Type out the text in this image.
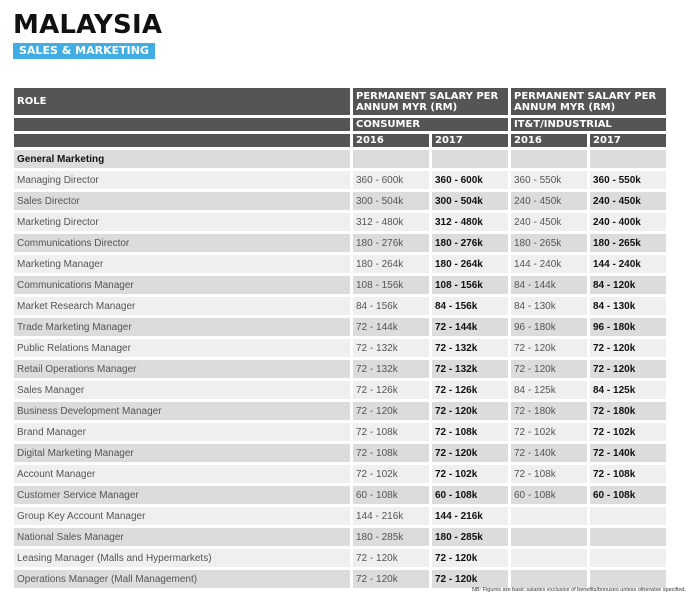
MALAYSIA
SALES & MARKETING
ROLE	PERMANENT SALARY PER ANNUM MYR (RM)		PERMANENT SALARY PER ANNUM MYR (RM)	
	CONSUMER		IT&T/INDUSTRIAL	
	2016	2017	2016	2017
General Marketing				
Managing Director	360 - 600k	360 - 600k	360 - 550k	360 - 550k
Sales Director	300 - 504k	300 - 504k	240 - 450k	240 - 450k
Marketing Director	312 - 480k	312 - 480k	240 - 450k	240 - 400k
Communications Director	180 - 276k	180 - 276k	180 - 265k	180 - 265k
Marketing Manager	180 - 264k	180 - 264k	144 - 240k	144 - 240k
Communications Manager	108 - 156k	108 - 156k	84 - 144k	84 - 120k
Market Research Manager	84 - 156k	84 - 156k	84 - 130k	84 - 130k
Trade Marketing Manager	72 - 144k	72 - 144k	96 - 180k	96 - 180k
Public Relations Manager	72 - 132k	72 - 132k	72 - 120k	72 - 120k
Retail Operations Manager	72 - 132k	72 - 132k	72 - 120k	72 - 120k
Sales Manager	72 - 126k	72 - 126k	84 - 125k	84 - 125k
Business Development Manager	72 - 120k	72 - 120k	72 - 180k	72 - 180k
Brand Manager	72 - 108k	72 - 108k	72 - 102k	72 - 102k
Digital Marketing Manager	72 - 108k	72 - 120k	72 - 140k	72 - 140k
Account Manager	72 - 102k	72 - 102k	72 - 108k	72 - 108k
Customer Service Manager	60 - 108k	60 - 108k	60 - 108k	60 - 108k
Group Key Account Manager	144 - 216k	144 - 216k		
National Sales Manager	180 - 285k	180 - 285k		
Leasing Manager (Malls and Hypermarkets)	72 - 120k	72 - 120k		
Operations Manager (Mall Management)	72 - 120k	72 - 120k		
NB: Figures are basic salaries exclusive of benefits/bonuses unless otherwise specified.
